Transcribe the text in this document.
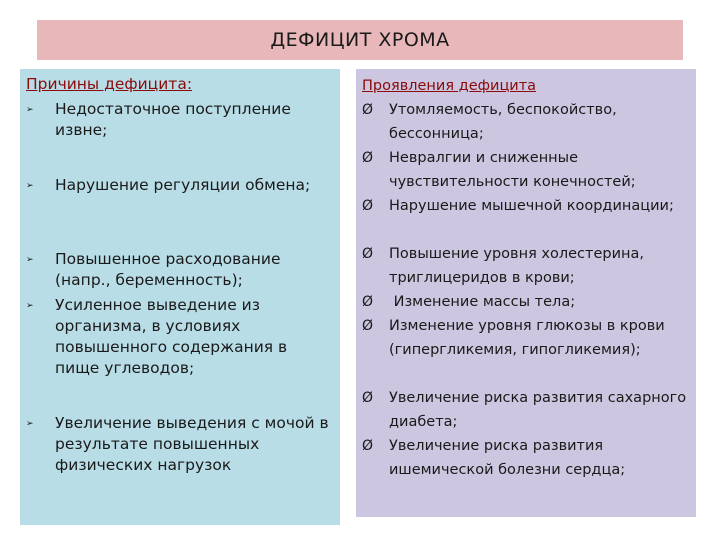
ДЕФИЦИТ ХРОМА
Причины дефицита:
➢	Недостаточное поступление извне;
➢	Нарушение регуляции обмена;
➢	Повышенное расходование (напр., беременность);
➢	Усиленное выведение из организма, в условиях повышенного содержания в пище углеводов;
➢	Увеличение выведения с мочой в результате повышенных физических нагрузок
Проявления дефицита
Ø	Утомляемость, беспокойство, бессонница;
Ø	Невралгии и сниженные чувствительности конечностей;
Ø	Нарушение мышечной координации;
Ø	Повышение уровня холестерина, триглицеридов в крови;
Ø	Изменение массы тела;
Ø	Изменение уровня глюкозы в крови (гипергликемия, гипогликемия);
Ø	Увеличение риска развития сахарного диабета;
Ø	Увеличение риска развития ишемической болезни сердца;
